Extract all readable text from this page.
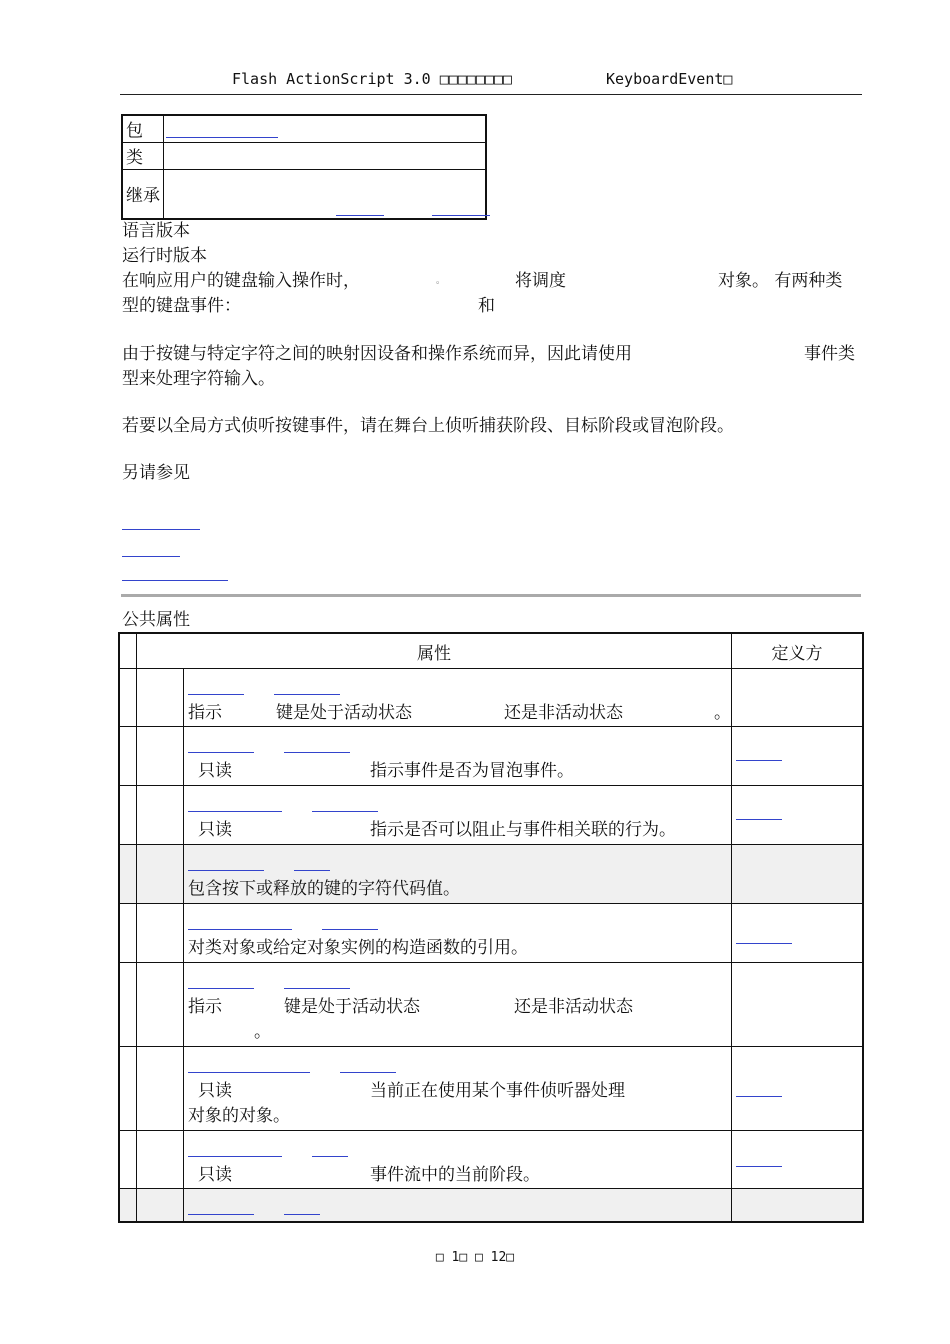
Flash ActionScript 3.0 □□□□□□□□	KeyboardEvent□
包	

类	
继承	
语言版本
运行时版本
在响应用户的键盘输入操作时，	。	将调度	对象。 有两种类
型的键盘事件：	和
由于按键与特定字符之间的映射因设备和操作系统而异，因此请使用	事件类
型来处理字符输入。
若要以全局方式侦听按键事件，请在舞台上侦听捕获阶段、目标阶段或冒泡阶段。
另请参见
公共属性
	属性		定义方

		指示 键是处于活动状态 还是非活动状态 。	

		只读 指示事件是否为冒泡事件。	

		只读 指示是否可以阻止与事件相关联的行为。	

		包含按下或释放的键的字符代码值。	

		对类对象或给定对象实例的构造函数的引用。	

		指示 键是处于活动状态 还是非活动状态
。	

		只读 当前正在使用某个事件侦听器处理
对象的对象。	

		只读 事件流中的当前阶段。	

□ 1□ □ 12□
